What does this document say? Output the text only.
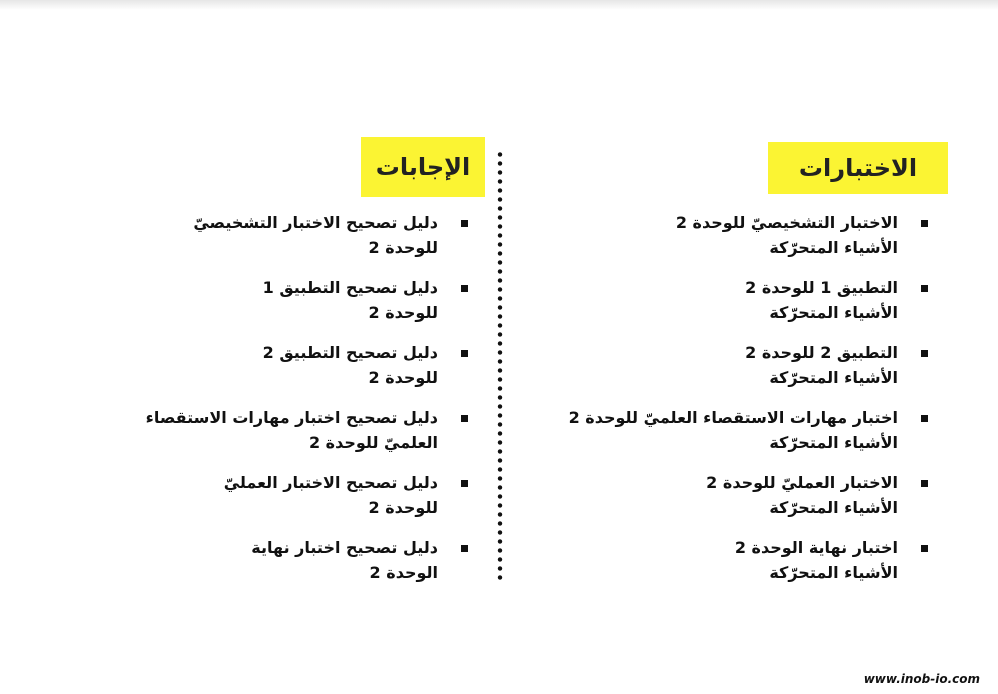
الاختبارات
الاختبار التشخيصيّ للوحدة 2
الأشياء المتحرّكة
التطبيق 1 للوحدة 2
الأشياء المتحرّكة
التطبيق 2 للوحدة 2
الأشياء المتحرّكة
اختبار مهارات الاستقصاء العلميّ للوحدة 2
الأشياء المتحرّكة
الاختبار العمليّ للوحدة 2
الأشياء المتحرّكة
اختبار نهاية الوحدة 2
الأشياء المتحرّكة
الإجابات
دليل تصحيح الاختبار التشخيصيّ
للوحدة 2
دليل تصحيح التطبيق 1
للوحدة 2
دليل تصحيح التطبيق 2
للوحدة 2
دليل تصحيح اختبار مهارات الاستقصاء
العلميّ للوحدة 2
دليل تصحيح الاختبار العمليّ
للوحدة 2
دليل تصحيح اختبار نهاية
الوحدة 2
www.inob-io.com
